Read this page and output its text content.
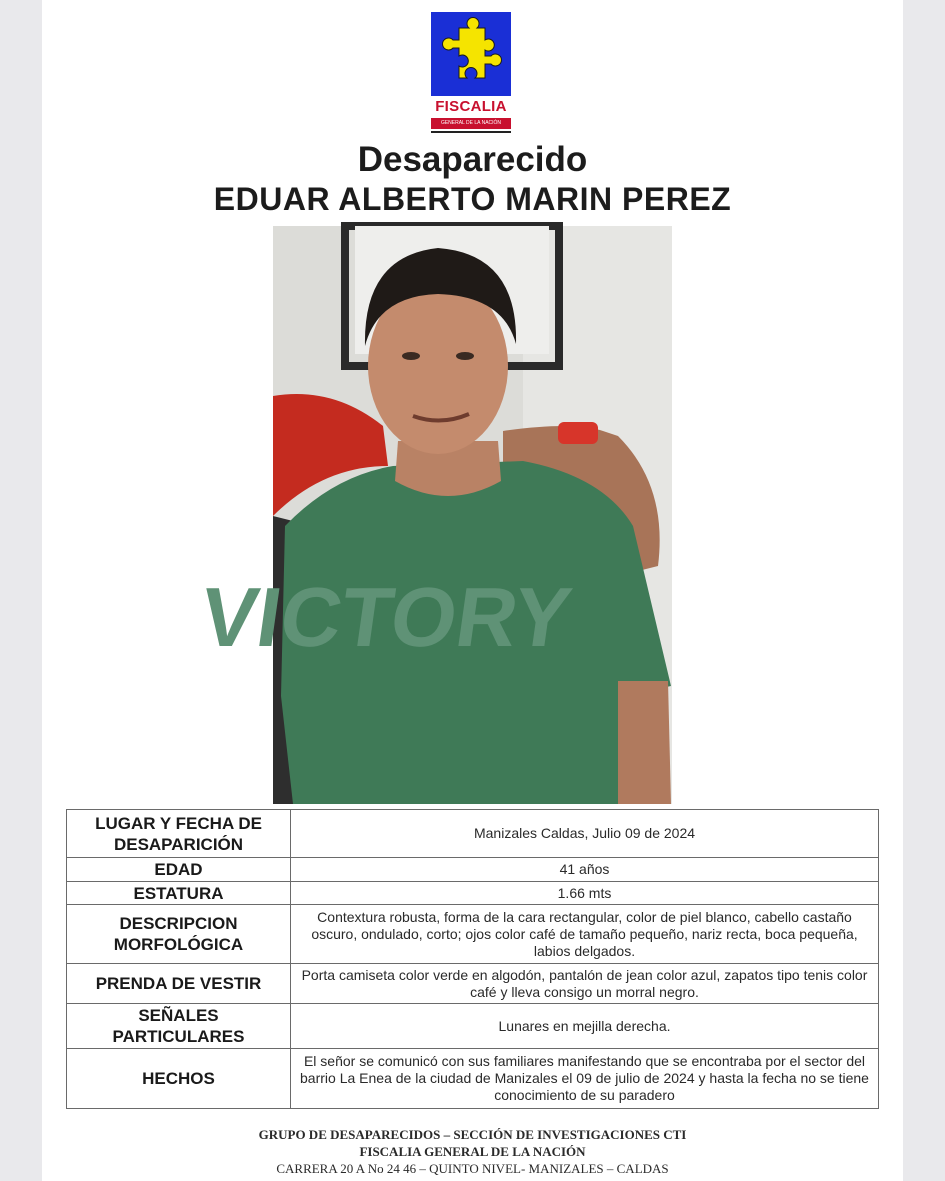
FISCALIA
GENERAL DE LA NACIÓN
Desaparecido
EDUAR ALBERTO MARIN PEREZ
VICTORY
LUGAR Y FECHA DE DESAPARICIÓN	Manizales Caldas, Julio 09 de 2024
EDAD	41 años
ESTATURA	1.66 mts
DESCRIPCION MORFOLÓGICA	Contextura robusta, forma de la cara rectangular, color de piel blanco, cabello castaño oscuro, ondulado, corto; ojos color café de tamaño pequeño, nariz recta, boca pequeña, labios delgados.
PRENDA DE VESTIR	Porta camiseta color verde en algodón, pantalón de jean color azul, zapatos tipo tenis color café y lleva consigo un morral negro.
SEÑALES PARTICULARES	Lunares en mejilla derecha.
HECHOS	El señor se comunicó con sus familiares manifestando que se encontraba por el sector del barrio La Enea de la ciudad de Manizales el 09 de julio de 2024 y hasta la fecha no se tiene conocimiento de su paradero
GRUPO DE DESAPARECIDOS – SECCIÓN DE INVESTIGACIONES CTI
FISCALIA GENERAL DE LA NACIÓN
CARRERA 20 A No 24 46 – QUINTO NIVEL- MANIZALES – CALDAS
